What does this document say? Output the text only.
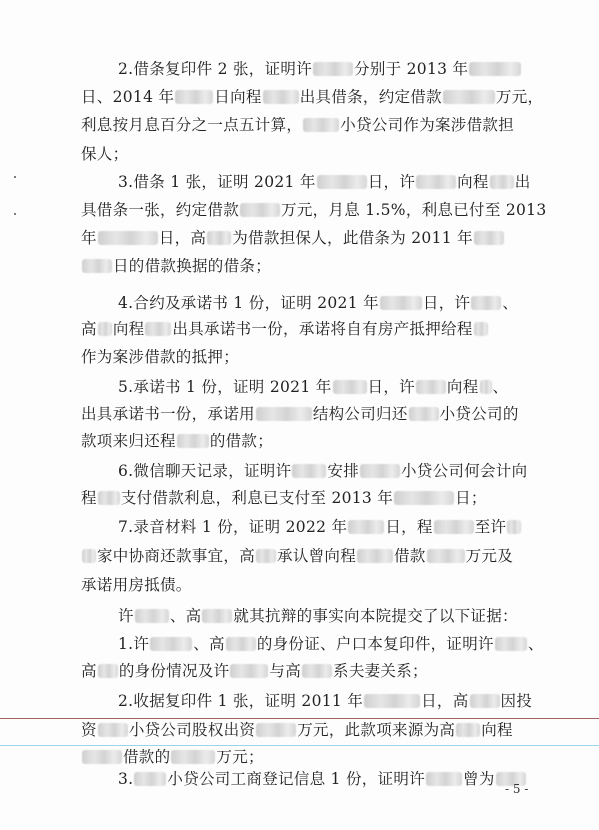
2.借条复印件 2 张，证明许	分别于 2013 年
日、2014 年	日向程 出具借条，约定借款	万元，
利息按月息百分之一点五计算， 小贷公司作为案涉借款担
保人；
3.借条 1 张，证明 2021 年	日，许	向程 出
具借条一张，约定借款	万元，月息 1.5%，利息已付至 2013
年	日，高 为借款担保人，此借条为 2011 年
日的借款换据的借条；
4.合约及承诺书 1 份，证明 2021 年	日，许 、
高 向程 出具承诺书一份，承诺将自有房产抵押给程
作为案涉借款的抵押；
5.承诺书 1 份，证明 2021 年 日，许 向程 、
出具承诺书一份，承诺用	结构公司归还 小贷公司的
款项来归还程 的借款；
6.微信聊天记录，证明许 安排	小贷公司何会计向
程 支付借款利息，利息已支付至 2013 年	日；
7.录音材料 1 份，证明 2022 年 日，程	至许
家中协商还款事宜，高 承认曾向程 借款	万元及
承诺用房抵债。
许 、高 就其抗辩的事实向本院提交了以下证据：
1.许	、高 的身份证、户口本复印件，证明许 、
高 的身份情况及许	与高 系夫妻关系；
2.收据复印件 1 张，证明 2011 年	日，高 因投
资 小贷公司股权出资	万元，此款项来源为高 向程
借款的	万元；
3. 小贷公司工商登记信息 1 份，证明许 曾为
- 5 -
